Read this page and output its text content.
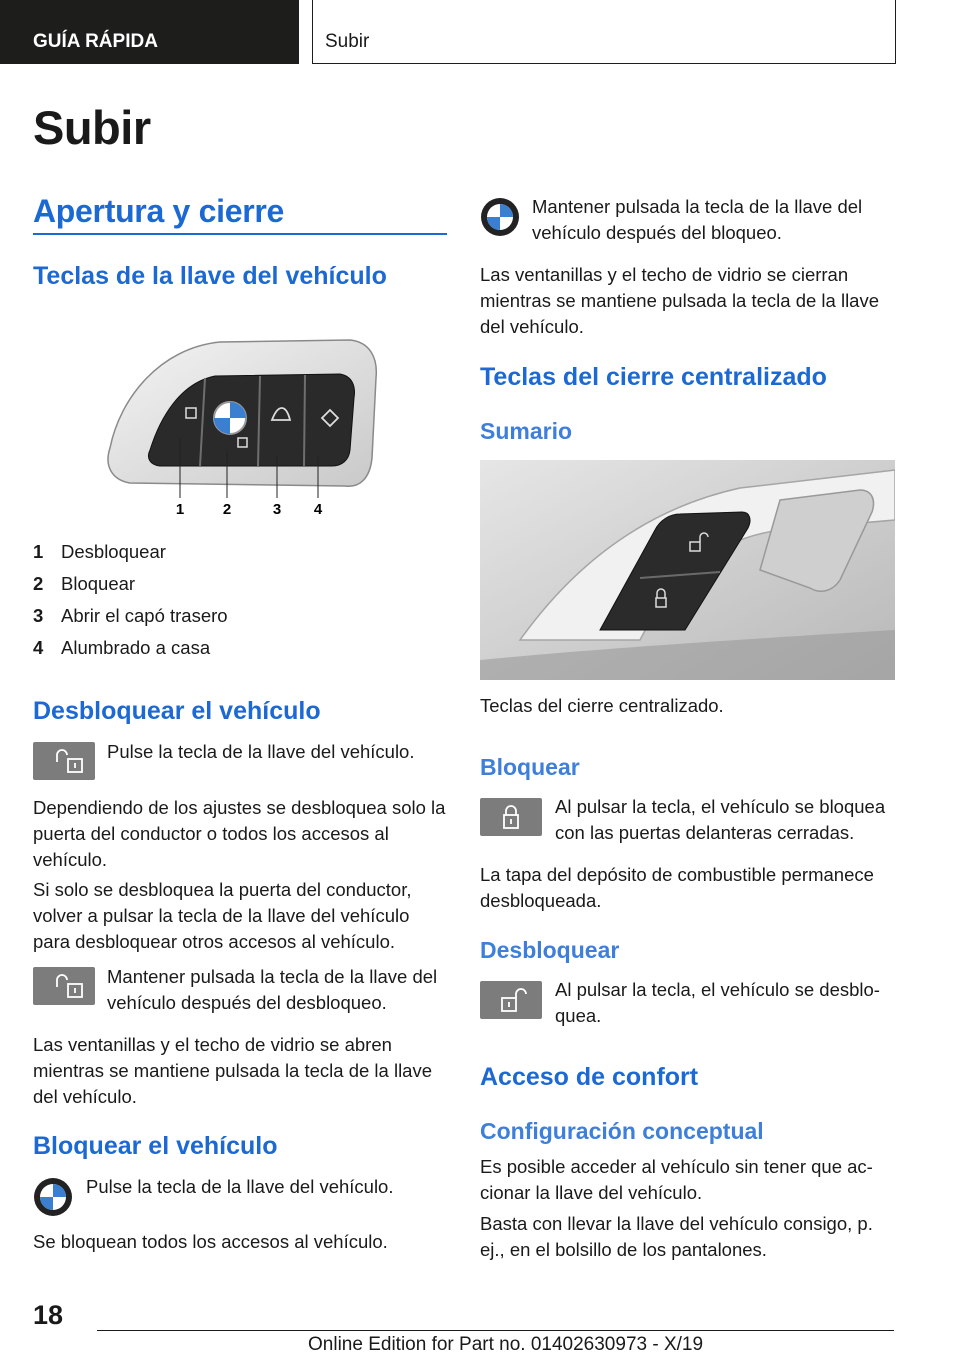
GUÍA RÁPIDA	Subir
Subir
Apertura y cierre
Teclas de la llave del vehículo
1	2	3 4
1 Desbloquear
2 Bloquear
3 Abrir el capó trasero
4 Alumbrado a casa
Desbloquear el vehículo

Pulse la tecla de la llave del vehículo.

Dependiendo de los ajustes se desbloquea solo la puerta del conductor o todos los accesos al vehículo.

Si solo se desbloquea la puerta del conductor, volver a pulsar la tecla de la llave del vehículo para desbloquear otros accesos al vehículo.

Mantener pulsada la tecla de la llave del vehículo después del desbloqueo.

Las ventanillas y el techo de vidrio se abren mientras se mantiene pulsada la tecla de la llave del vehículo.

Bloquear el vehículo

Pulse la tecla de la llave del vehículo.

Se bloquean todos los accesos al vehículo.

Mantener pulsada la tecla de la llave del vehículo después del bloqueo.

Las ventanillas y el techo de vidrio se cierran mientras se mantiene pulsada la tecla de la llave del vehículo.

Teclas del cierre centralizado
Sumario

Teclas del cierre centralizado.

Bloquear

Al pulsar la tecla, el vehículo se bloquea con las puertas delanteras cerradas.

La tapa del depósito de combustible permanece desbloqueada.

Desbloquear

Al pulsar la tecla, el vehículo se desblo-quea.

Acceso de confort
Configuración conceptual

Es posible acceder al vehículo sin tener que ac-cionar la llave del vehículo.

Basta con llevar la llave del vehículo consigo, p. ej., en el bolsillo de los pantalones.

18
Online Edition for Part no. 01402630973 - X/19
